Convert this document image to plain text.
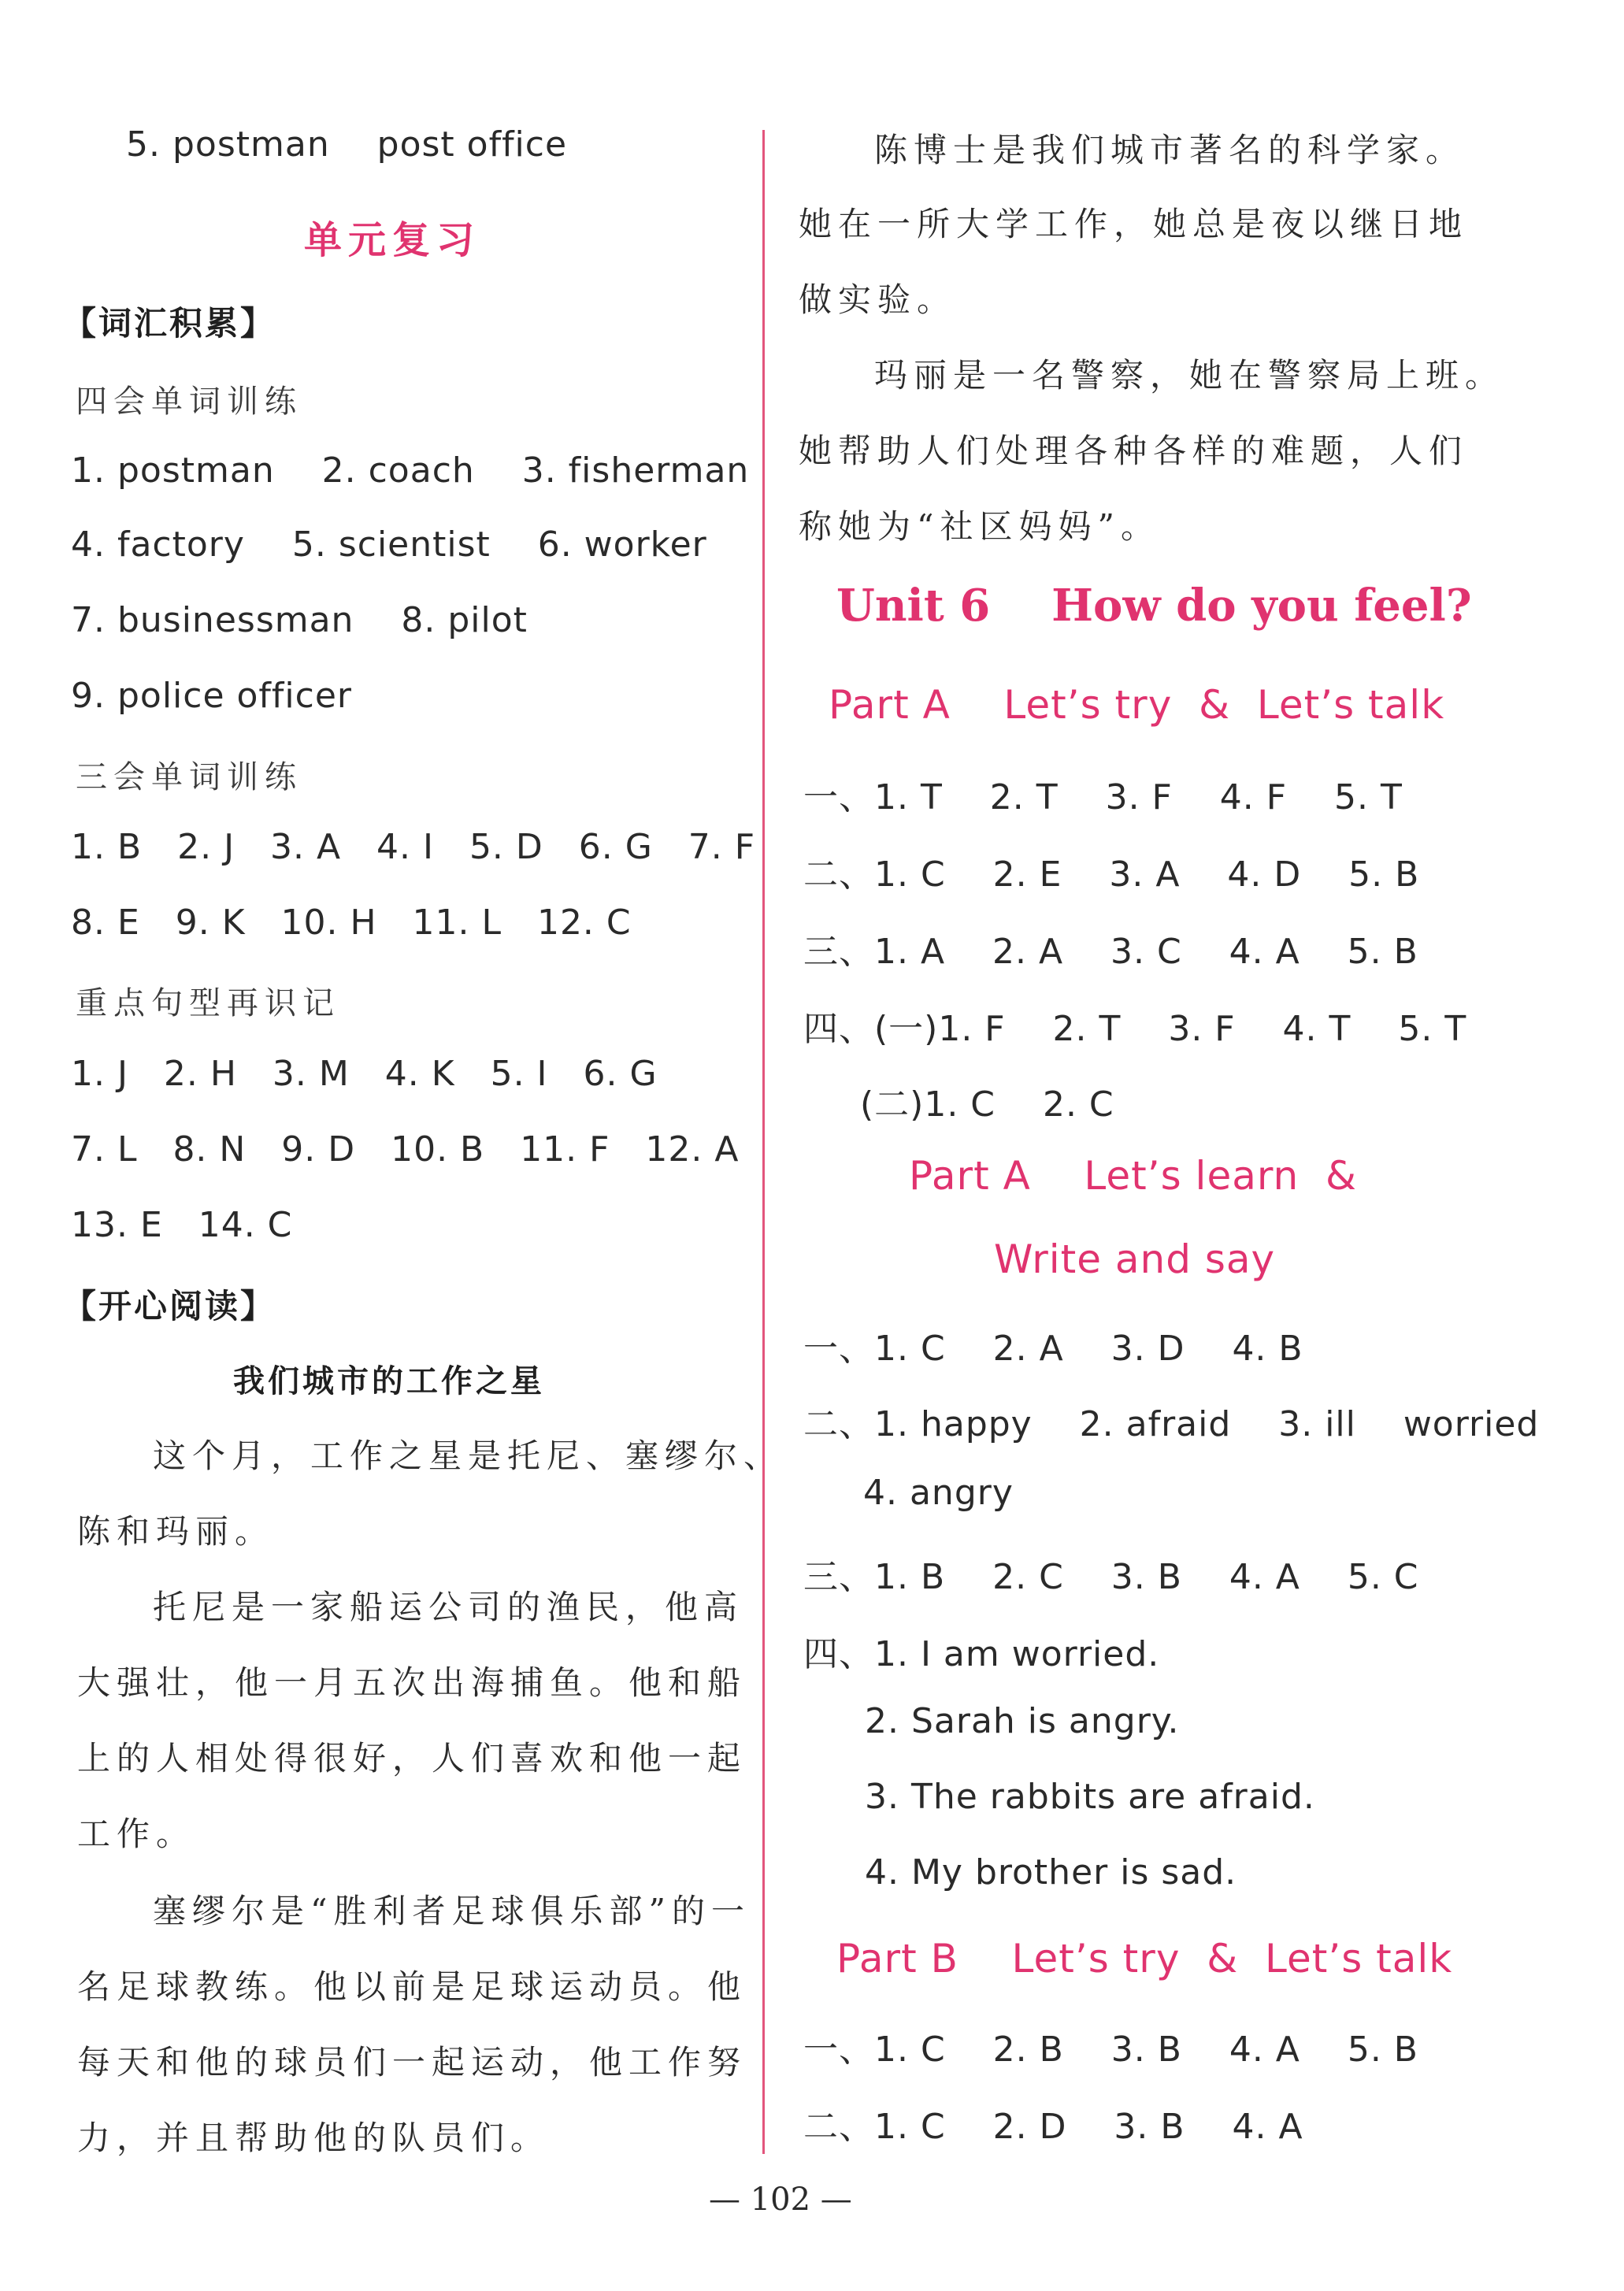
5. postman    post office
单元复习
【词汇积累】
四会单词训练
1. postman    2. coach    3. fisherman
4. factory    5. scientist    6. worker
7. businessman    8. pilot
9. police officer
三会单词训练
1. B   2. J   3. A   4. I   5. D   6. G   7. F
8. E   9. K   10. H   11. L   12. C
重点句型再识记
1. J   2. H   3. M   4. K   5. I   6. G
7. L   8. N   9. D   10. B   11. F   12. A
13. E   14. C
【开心阅读】
我们城市的工作之星
这个月，工作之星是托尼、塞缪尔、
陈和玛丽。
托尼是一家船运公司的渔民，他高
大强壮，他一月五次出海捕鱼。他和船
上的人相处得很好，人们喜欢和他一起
工作。
塞缪尔是“胜利者足球俱乐部”的一
名足球教练。他以前是足球运动员。他
每天和他的球员们一起运动，他工作努
力，并且帮助他的队员们。
陈博士是我们城市著名的科学家。
她在一所大学工作，她总是夜以继日地
做实验。
玛丽是一名警察，她在警察局上班。
她帮助人们处理各种各样的难题，人们
称她为“社区妈妈”。
Unit 6    How do you feel?
Part A    Let’s try  &  Let’s talk
一、1. T    2. T    3. F    4. F    5. T
二、1. C    2. E    3. A    4. D    5. B
三、1. A    2. A    3. C    4. A    5. B
四、(一)1. F    2. T    3. F    4. T    5. T
(二)1. C    2. C
Part A    Let’s learn  &
Write and say
一、1. C    2. A    3. D    4. B
二、1. happy    2. afraid    3. ill    worried
4. angry
三、1. B    2. C    3. B    4. A    5. C
四、1. I am worried.
2. Sarah is angry.
3. The rabbits are afraid.
4. My brother is sad.
Part B    Let’s try  &  Let’s talk
一、1. C    2. B    3. B    4. A    5. B
二、1. C    2. D    3. B    4. A
— 102 —
